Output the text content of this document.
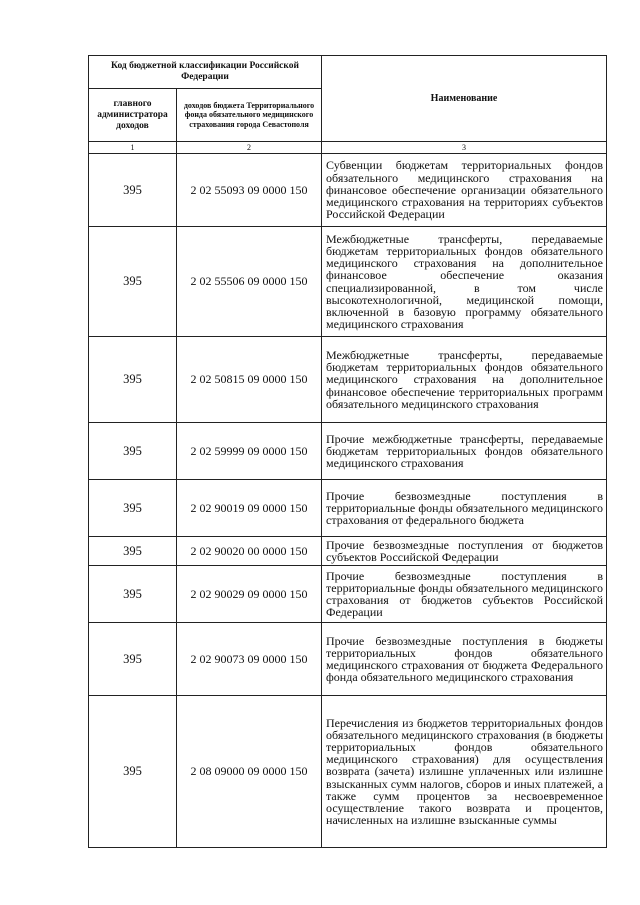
Код бюджетной классификации Российской Федерации		Наименование
главного администратора доходов	доходов бюджета Территориального фонда обязательного медицинского страхования города Севастополя	
1	2	3
395	2 02 55093 09 0000 150	Субвенции бюджетам территориальных фондов обязательного медицинского страхования на финансовое обеспечение организации обязательного медицинского страхования на территориях субъектов Российской Федерации
395	2 02 55506 09 0000 150	Межбюджетные трансферты, передаваемые бюджетам территориальных фондов обязательного медицинского страхования на дополнительное финансовое обеспечение оказания специализированной, в том числе высокотехнологичной, медицинской помощи, включенной в базовую программу обязательного медицинского страхования
395	2 02 50815 09 0000 150	Межбюджетные трансферты, передаваемые бюджетам территориальных фондов обязательного медицинского страхования на дополнительное финансовое обеспечение территориальных программ обязательного медицинского страхования
395	2 02 59999 09 0000 150	Прочие межбюджетные трансферты, передаваемые бюджетам территориальных фондов обязательного медицинского страхования
395	2 02 90019 09 0000 150	Прочие безвозмездные поступления в территориальные фонды обязательного медицинского страхования от федерального бюджета
395	2 02 90020 00 0000 150	Прочие безвозмездные поступления от бюджетов субъектов Российской Федерации
395	2 02 90029 09 0000 150	Прочие безвозмездные поступления в территориальные фонды обязательного медицинского страхования от бюджетов субъектов Российской Федерации
395	2 02 90073 09 0000 150	Прочие безвозмездные поступления в бюджеты территориальных фондов обязательного медицинского страхования от бюджета Федерального фонда обязательного медицинского страхования
395	2 08 09000 09 0000 150	Перечисления из бюджетов территориальных фондов обязательного медицинского страхования (в бюджеты территориальных фондов обязательного медицинского страхования) для осуществления возврата (зачета) излишне уплаченных или излишне взысканных сумм налогов, сборов и иных платежей, а также сумм процентов за несвоевременное осуществление такого возврата и процентов, начисленных на излишне взысканные суммы
